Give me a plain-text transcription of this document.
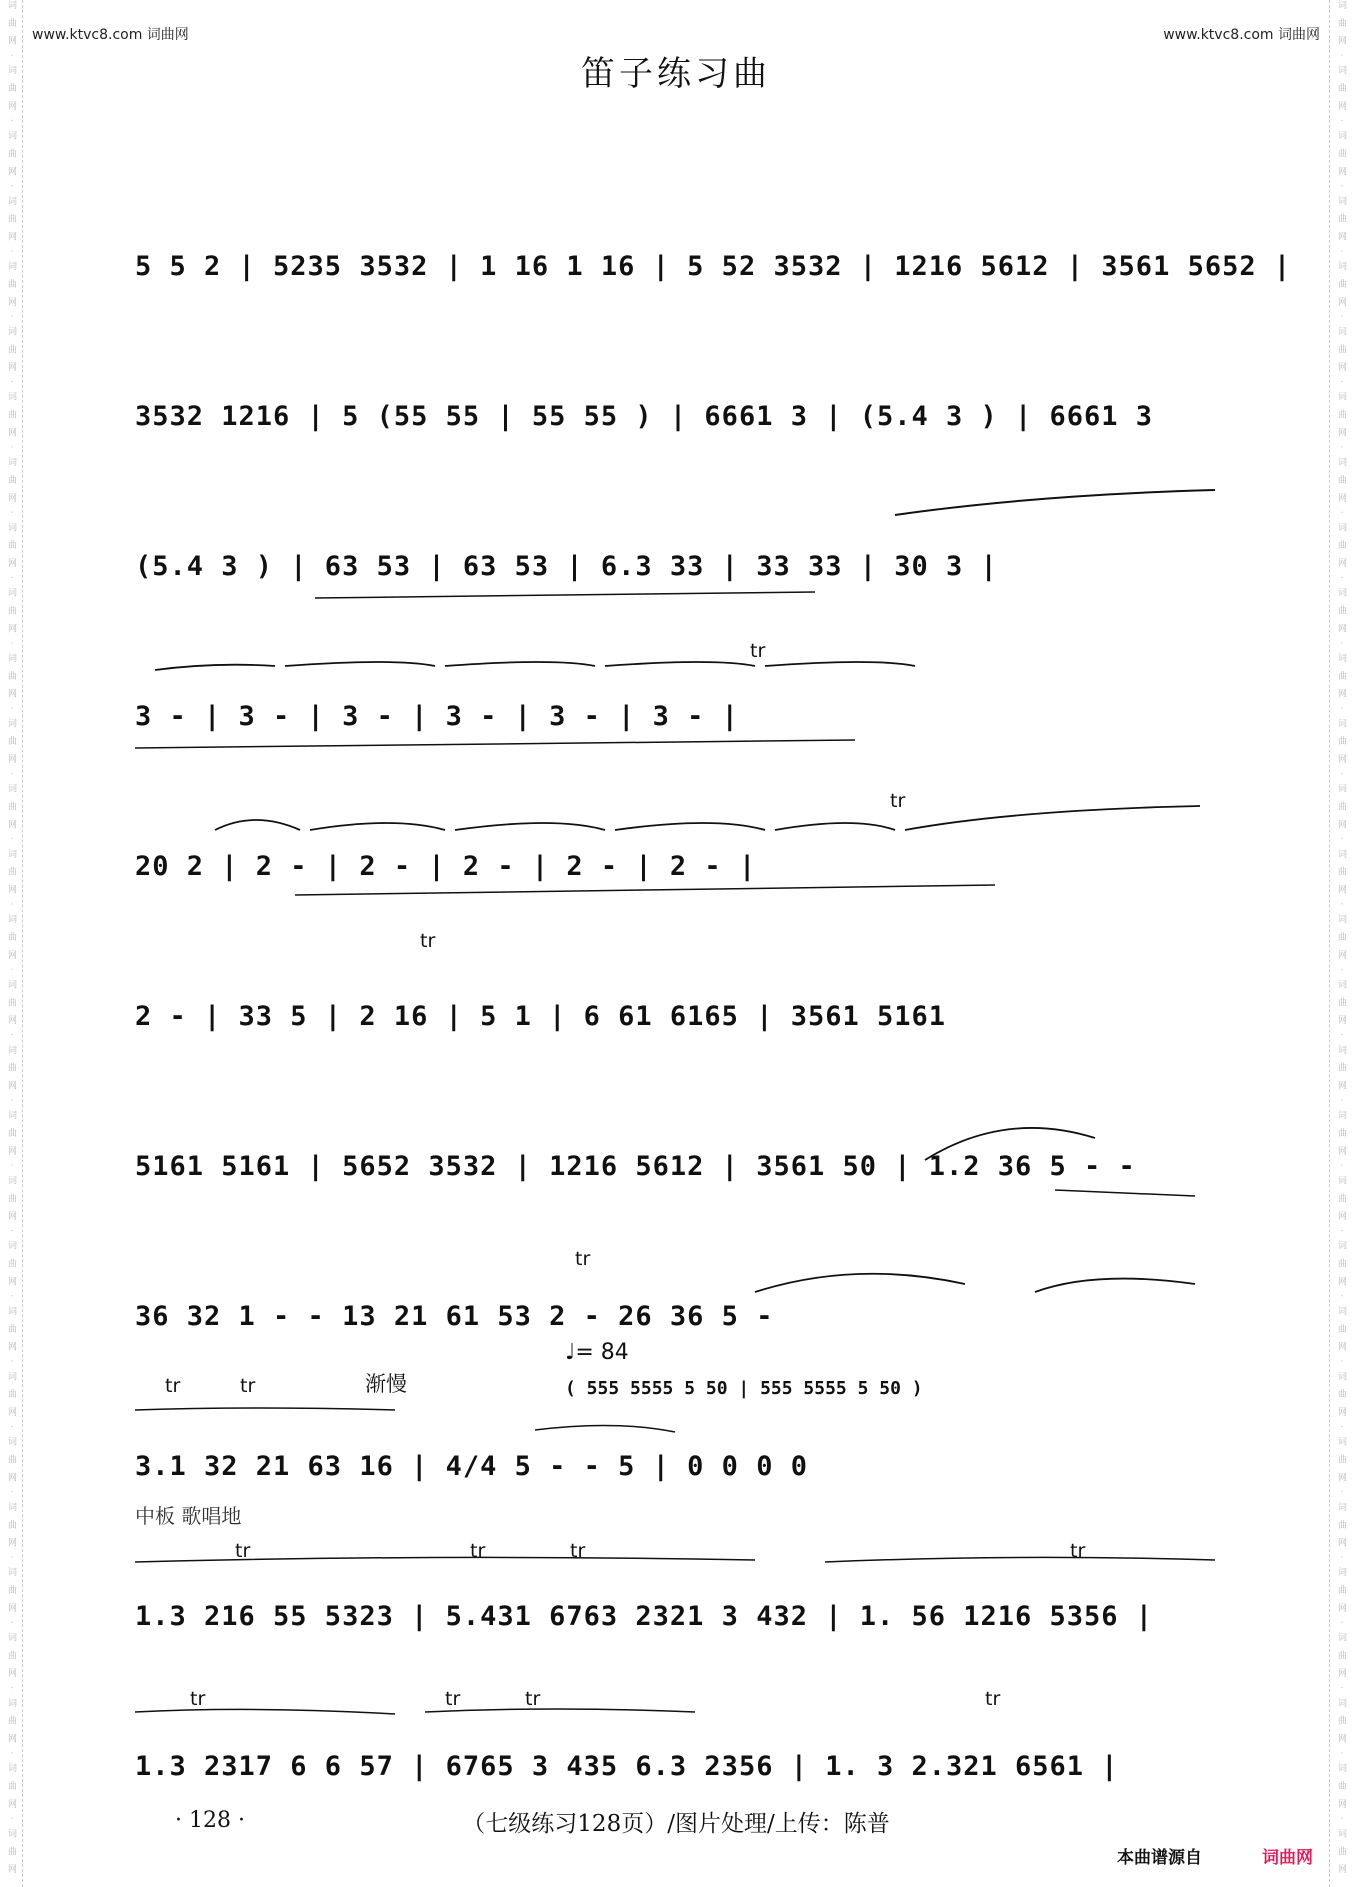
词 曲 网 · 词 曲 网 · 词 曲 网 · 词 曲 网 · 词 曲 网 · 词 曲 网 · 词 曲 网 · 词 曲 网 · 词 曲 网 · 词 曲 网 · 词 曲 网 · 词 曲 网 · 词 曲 网 · 词 曲 网 · 词 曲 网 · 词 曲 网 · 词 曲 网 · 词 曲 网 · 词 曲 网 · 词 曲 网 · 词 曲 网 · 词 曲 网 · 词 曲 网 · 词 曲 网 · 词 曲 网 · 词 曲 网 · 词 曲 网 · 词 曲 网 · 词 曲 网	词 曲 网 · 词 曲 网 · 词 曲 网 · 词 曲 网 · 词 曲 网 · 词 曲 网 · 词 曲 网 · 词 曲 网 · 词 曲 网 · 词 曲 网 · 词 曲 网 · 词 曲 网 · 词 曲 网 · 词 曲 网 · 词 曲 网 · 词 曲 网 · 词 曲 网 · 词 曲 网 · 词 曲 网 · 词 曲 网 · 词 曲 网 · 词 曲 网 · 词 曲 网 · 词 曲 网 · 词 曲 网 · 词 曲 网 · 词 曲 网 · 词 曲 网 · 词 曲 网
www.ktvc8.com 词曲网	www.ktvc8.com 词曲网
笛子练习曲
5 5 2 | 5235 3532 | 1 16 1 16 | 5 52 3532 | 1216 5612 | 3561 5652 |
3532 1216 | 5 (55 55 | 55 55 ) | 6661 3 | (5.4 3 ) | 6661 3
(5.4 3 ) | 63 53 | 63 53 | 6.3 33 | 33 33 | 30 3 |
tr
3 - | 3 - | 3 - | 3 - | 3 - | 3 - |
tr
20 2 | 2 - | 2 - | 2 - | 2 - | 2 - |
tr
2 - | 33 5 | 2 16 | 5 1 | 6 61 6165 | 3561 5161
5161 5161 | 5652 3532 | 1216 5612 | 3561 50 | 1.2 36 5 - -
tr
36 32 1 - - 13 21 61 53 2 - 26 36 5 -
tr	tr	渐慢
♩= 84
( 555 5555 5 50 | 555 5555 5 50 )
3.1 32 21 63 16 | 4/4 5 - - 5 | 0 0 0 0
中板 歌唱地
tr	tr	tr	tr
1.3 216 55 5323 | 5.431 6763 2321 3 432 | 1. 56 1216 5356 |
tr	tr	tr	tr
1.3 2317 6 6 57 | 6765 3 435 6.3 2356 | 1. 3 2.321 6561 |
· 128 ·	（七级练习128页）/图片处理/上传：陈普
本曲谱源自	词曲网
